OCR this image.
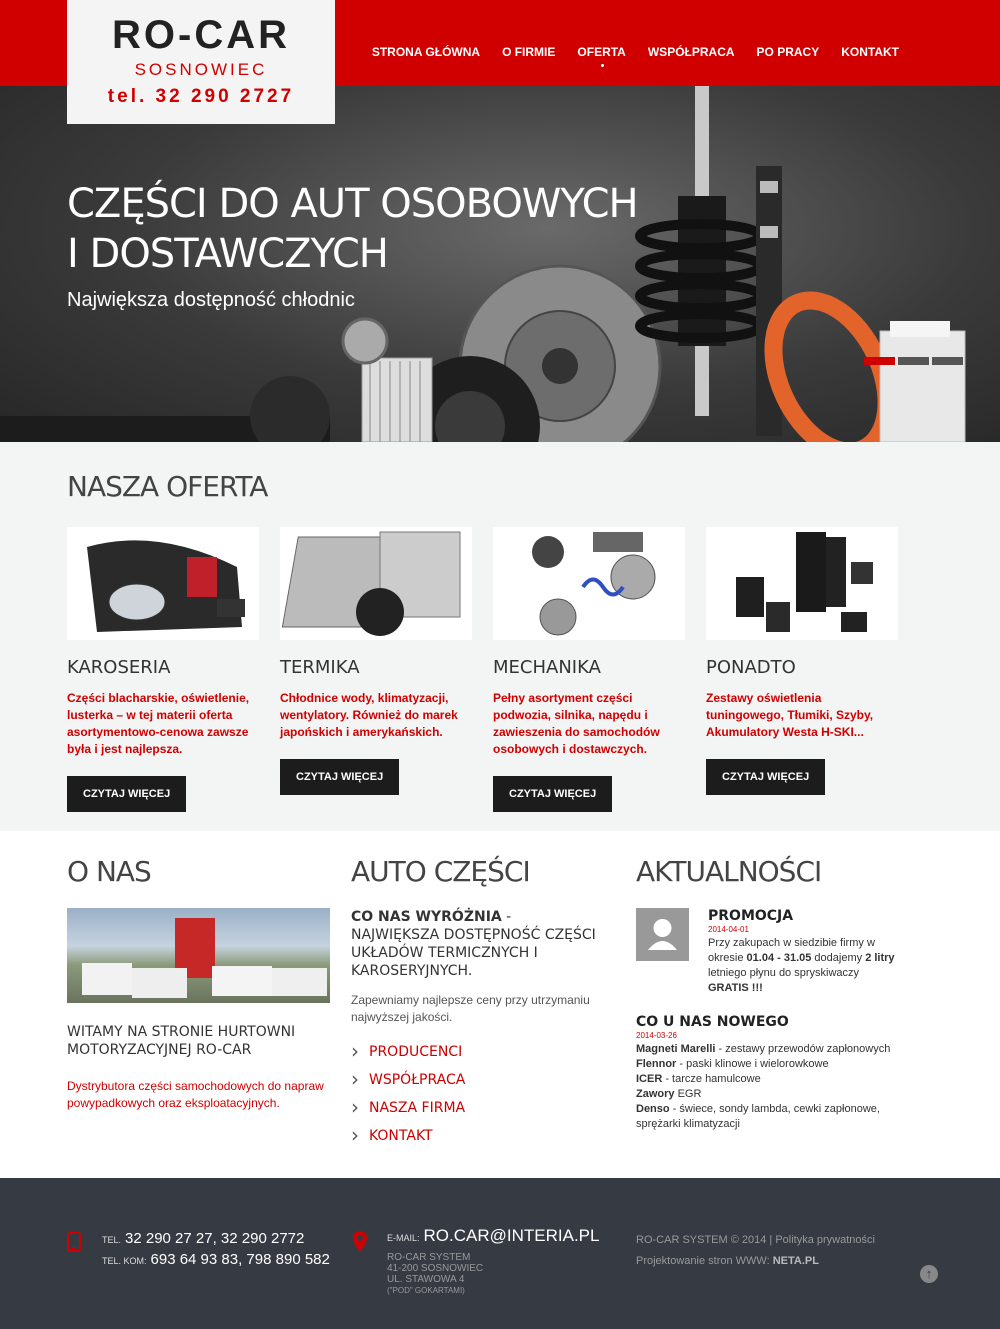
RO-CAR
SOSNOWIEC
tel. 32 290 2727
STRONA GŁÓWNA O FIRMIE OFERTA WSPÓŁPRACA PO PRACY KONTAKT
CZĘŚCI DO AUT OSOBOWYCH
I DOSTAWCZYCH
Największa dostępność chłodnic
NASZA OFERTA
KAROSERIA

Części blacharskie, oświetlenie, lusterka – w tej materii oferta asortymentowo-cenowa zawsze była i jest najlepsza.

CZYTAJ WIĘCEJ
TERMIKA

Chłodnice wody, klimatyzacji, wentylatory. Również do marek japońskich i amerykańskich.

CZYTAJ WIĘCEJ
MECHANIKA

Pełny asortyment części podwozia, silnika, napędu i zawieszenia do samochodów osobowych i dostawczych.

CZYTAJ WIĘCEJ
PONADTO

Zestawy oświetlenia tuningowego, Tłumiki, Szyby, Akumulatory Westa H-SKI...

CZYTAJ WIĘCEJ
O NAS
WITAMY NA STRONIE HURTOWNI MOTORYZACYJNEJ RO-CAR
Dystrybutora części samochodowych do napraw powypadkowych oraz eksploatacyjnych.
AUTO CZĘŚCI
CO NAS WYRÓŻNIA - NAJWIĘKSZA DOSTĘPNOŚĆ CZĘŚCI UKŁADÓW TERMICZNYCH I KAROSERYJNYCH.
Zapewniamy najlepsze ceny przy utrzymaniu najwyższej jakości.
› PRODUCENCI
› WSPÓŁPRACA
› NASZA FIRMA
› KONTAKT
AKTUALNOŚCI
PROMOCJA
2014-04-01
Przy zakupach w siedzibie firmy w okresie 01.04 - 31.05 dodajemy 2 litry letniego płynu do spryskiwaczy GRATIS !!!
CO U NAS NOWEGO
2014-03-26
Magneti Marelli - zestawy przewodów zapłonowych
Flennor - paski klinowe i wielorowkowe
ICER - tarcze hamulcowe
Zawory EGR
Denso - świece, sondy lambda, cewki zapłonowe, sprężarki klimatyzacji
TEL. 32 290 27 27, 32 290 2772
TEL. KOM: 693 64 93 83, 798 890 582
E-MAIL: RO.CAR@INTERIA.PL
RO-CAR SYSTEM
41-200 SOSNOWIEC
UL. STAWOWA 4
("POD" GOKARTAMI)
RO-CAR SYSTEM © 2014 | Polityka prywatności
Projektowanie stron WWW: NETA.PL
↑
